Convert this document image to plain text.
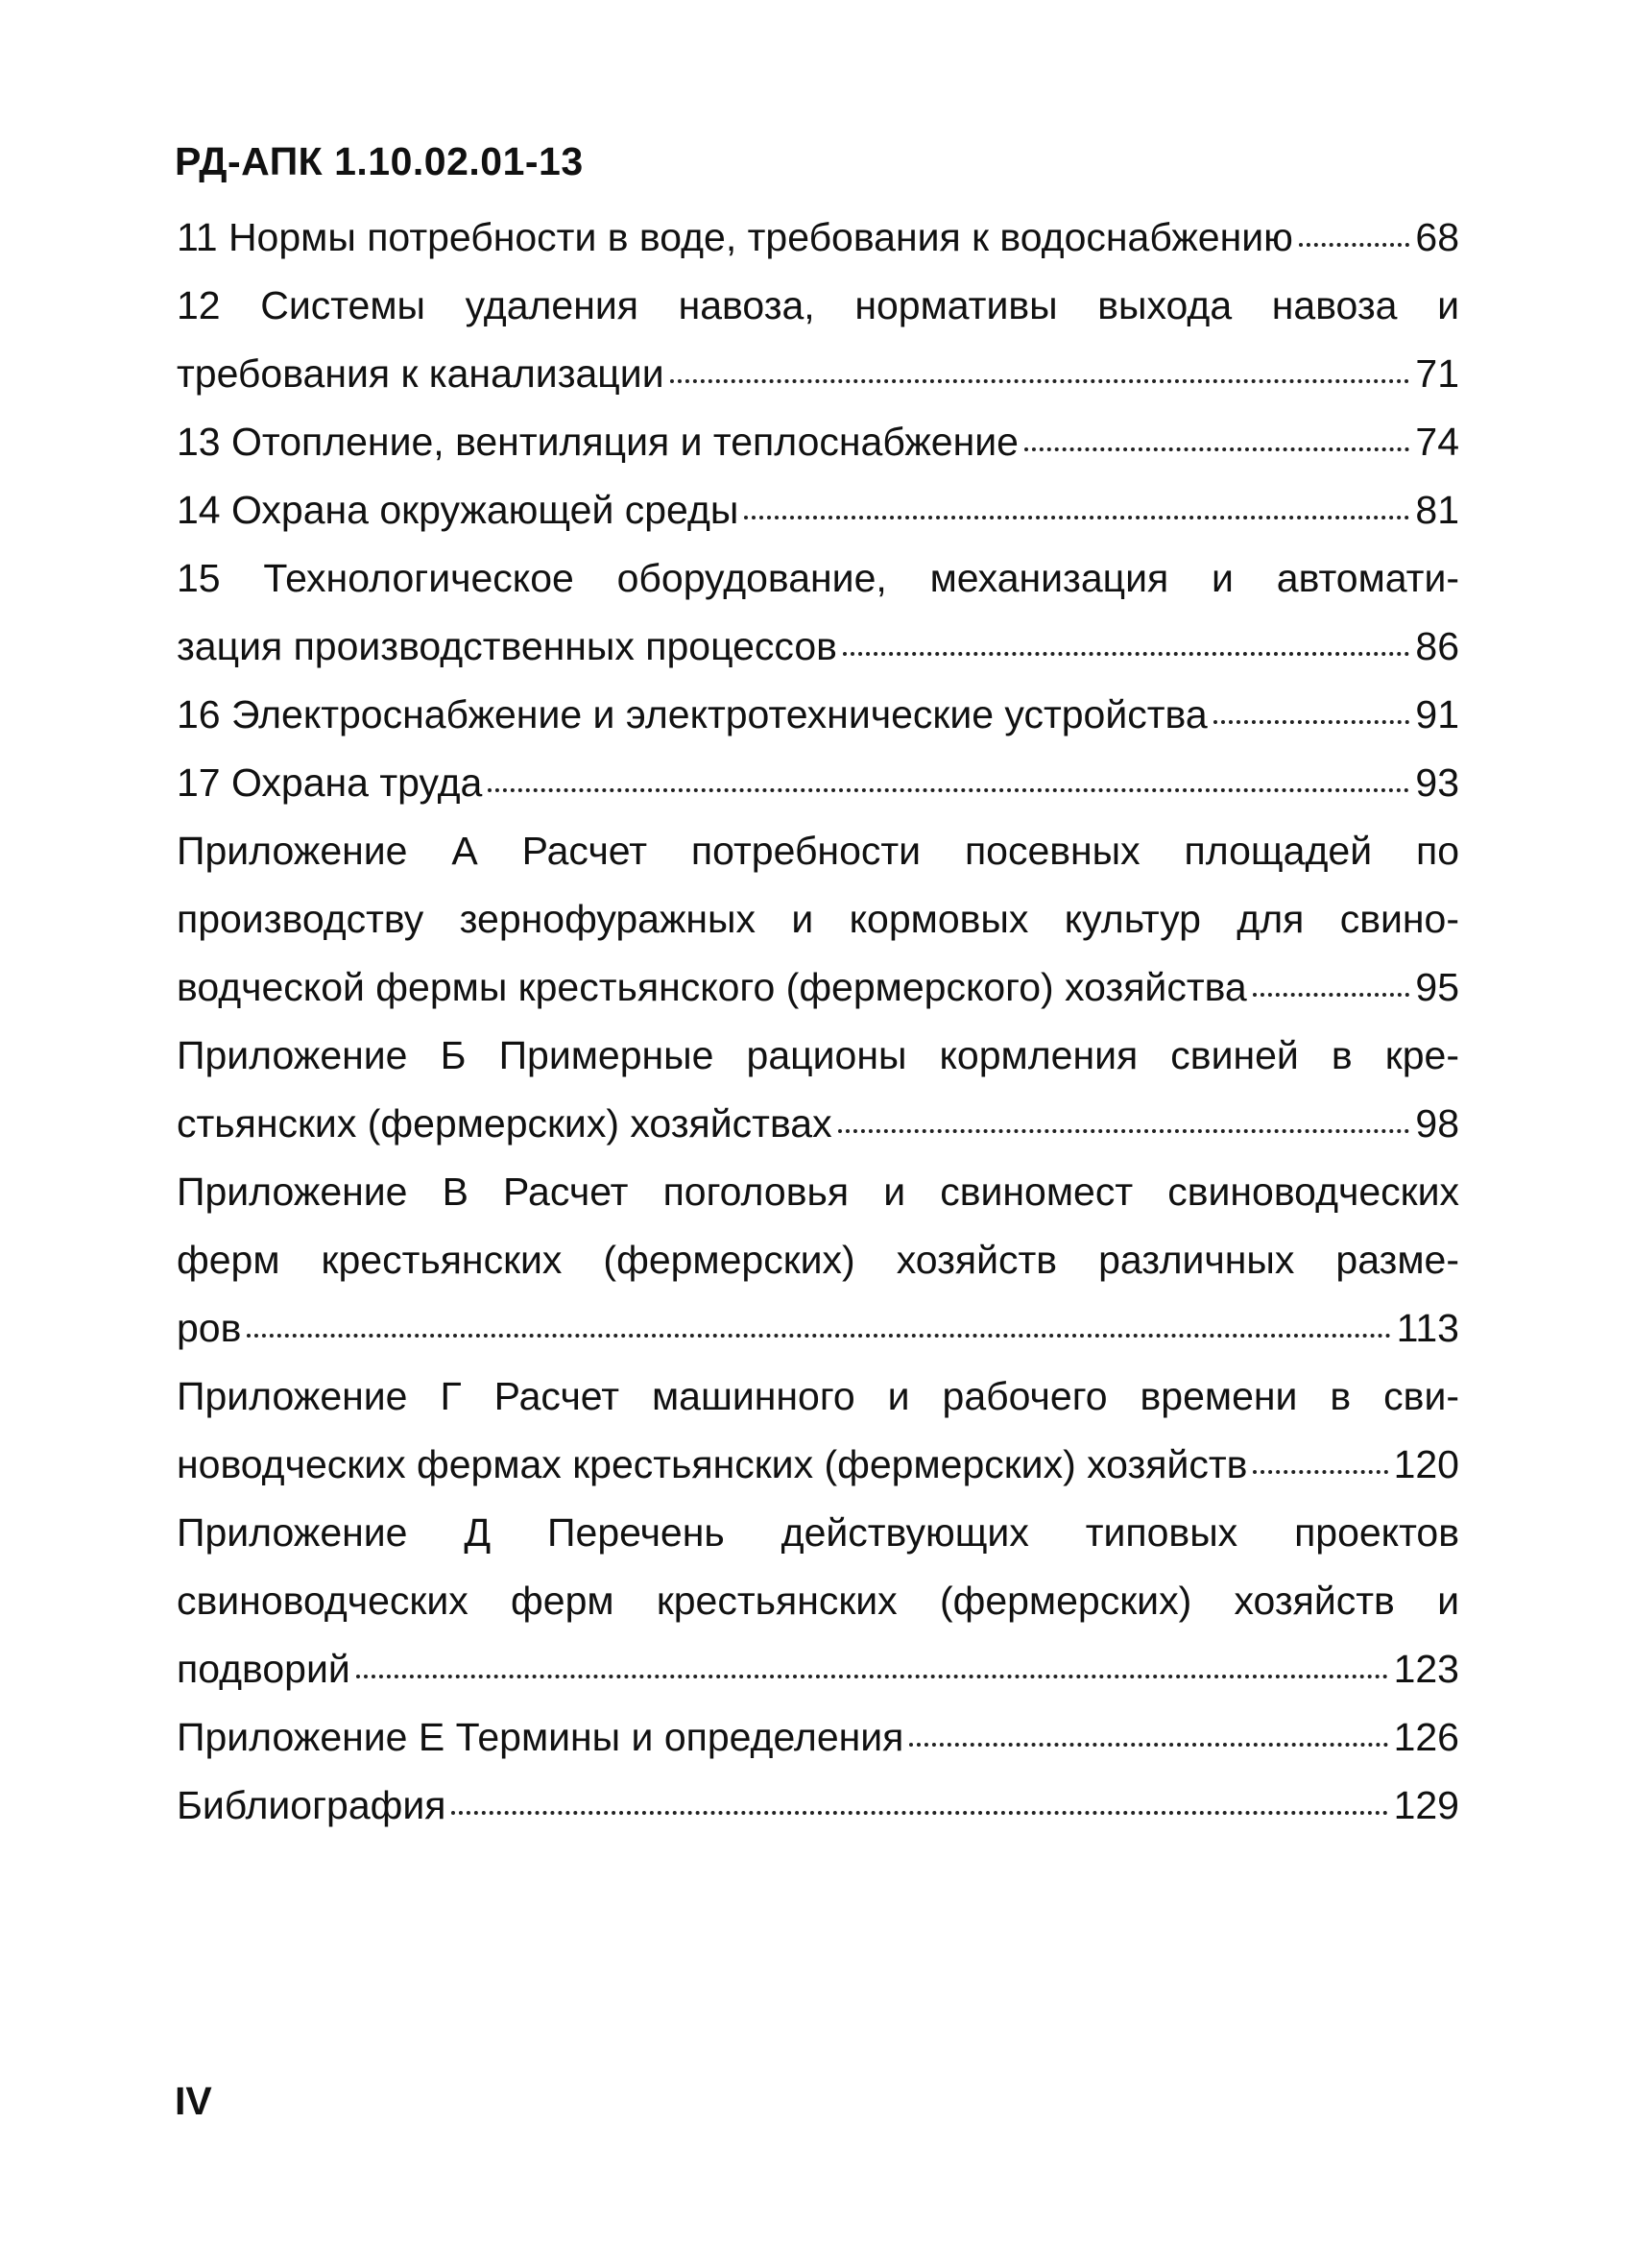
РД-АПК 1.10.02.01-13
11 Нормы потребности в воде, требования к водоснабжению	68
12 Системы удаления навоза, нормативы выхода навоза и
требования к канализации	71
13 Отопление, вентиляция и теплоснабжение	74
14 Охрана окружающей среды	81
15 Технологическое оборудование, механизация и автомати-
зация производственных процессов	86
16 Электроснабжение и электротехнические устройства	91
17 Охрана труда	93
Приложение А Расчет потребности посевных площадей по
производству зернофуражных и кормовых культур для свино-
водческой фермы крестьянского (фермерского) хозяйства	95
Приложение Б Примерные рационы кормления свиней в кре-
стьянских (фермерских) хозяйствах	98
Приложение В Расчет поголовья и свиномест свиноводческих
ферм крестьянских (фермерских) хозяйств различных разме-
ров	113
Приложение Г Расчет машинного и рабочего времени в сви-
новодческих фермах крестьянских (фермерских) хозяйств	120
Приложение Д Перечень действующих типовых проектов
свиноводческих ферм крестьянских (фермерских) хозяйств и
подворий	123
Приложение Е Термины и определения	126
Библиография	129
IV
